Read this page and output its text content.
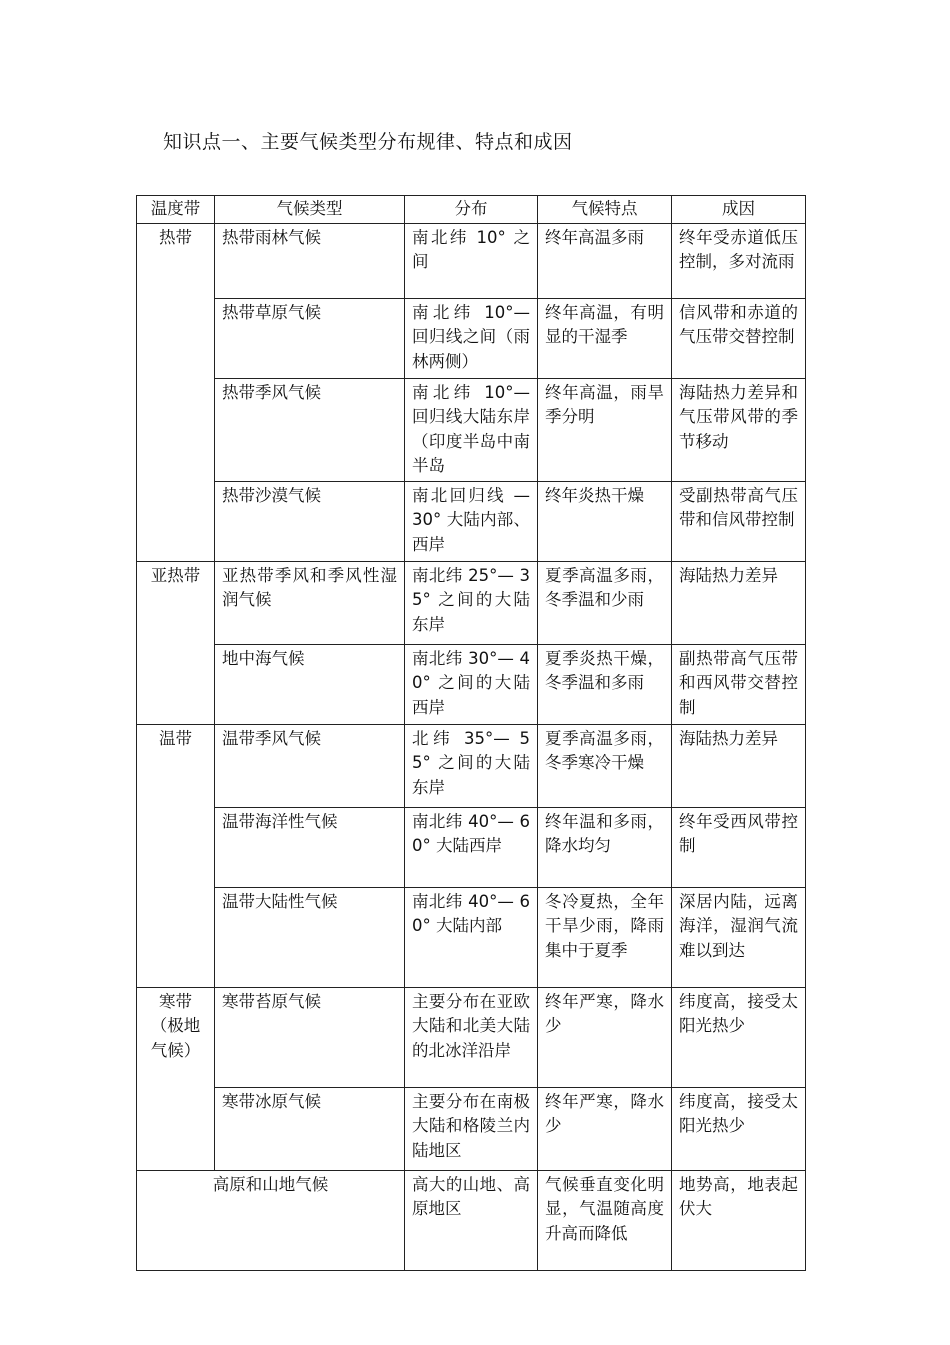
知识点一、主要气候类型分布规律、特点和成因
温度带	气候类型	分布	气候特点	成因
热带	热带雨林气候	南北纬 10° 之间	终年高温多雨	终年受赤道低压控制，多对流雨
	热带草原气候	南北纬 10°— 回归线之间（雨林两侧）	终年高温，有明显的干湿季	信风带和赤道的气压带交替控制
	热带季风气候	南北纬 10°— 回归线大陆东岸（印度半岛中南半岛	终年高温，雨旱季分明	海陆热力差异和气压带风带的季节移动
	热带沙漠气候	南北回归线 — 30° 大陆内部、西岸	终年炎热干燥	受副热带高气压带和信风带控制
亚热带	亚热带季风和季风性湿润气候	南北纬 25°— 35° 之间的大陆东岸	夏季高温多雨，冬季温和少雨	海陆热力差异
	地中海气候	南北纬 30°— 40° 之间的大陆西岸	夏季炎热干燥，冬季温和多雨	副热带高气压带和西风带交替控制
温带	温带季风气候	北纬 35°— 55° 之间的大陆东岸	夏季高温多雨，冬季寒冷干燥	海陆热力差异
	温带海洋性气候	南北纬 40°— 60° 大陆西岸	终年温和多雨，降水均匀	终年受西风带控制
	温带大陆性气候	南北纬 40°— 60° 大陆内部	冬冷夏热，全年干旱少雨，降雨集中于夏季	深居内陆，远离海洋，湿润气流难以到达
寒带（极地气候）	寒带苔原气候	主要分布在亚欧大陆和北美大陆的北冰洋沿岸	终年严寒，降水少	纬度高，接受太阳光热少
	寒带冰原气候	主要分布在南极大陆和格陵兰内陆地区	终年严寒，降水少	纬度高，接受太阳光热少
高原和山地气候		高大的山地、高原地区	气候垂直变化明显，气温随高度升高而降低	地势高，地表起伏大
